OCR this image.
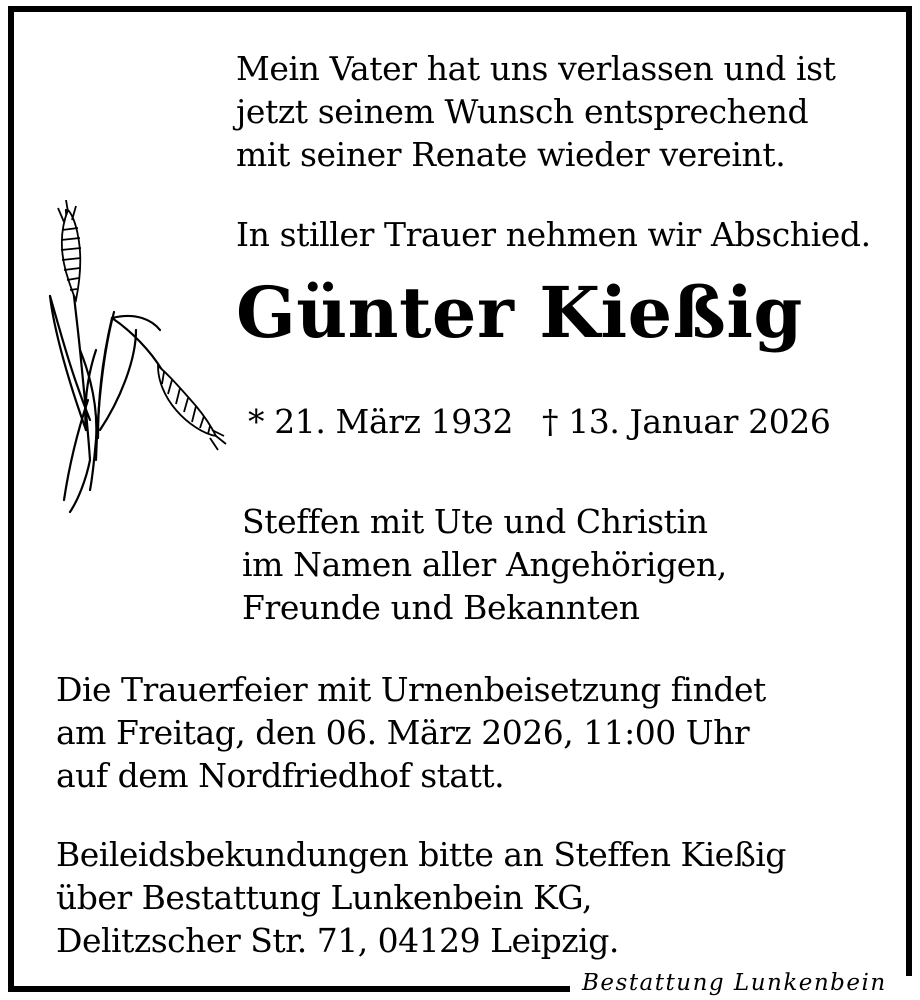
Mein Vater hat uns verlassen und ist

jetzt seinem Wunsch entsprechend

mit seiner Renate wieder vereint.

In stiller Trauer nehmen wir Abschied.

Günter Kießig

* 21. März 1932 † 13. Januar 2026

Steffen mit Ute und Christin

im Namen aller Angehörigen,

Freunde und Bekannten

Die Trauerfeier mit Urnenbeisetzung findet

am Freitag, den 06. März 2026, 11:00 Uhr

auf dem Nordfriedhof statt.

Beileidsbekundungen bitte an Steffen Kießig

über Bestattung Lunkenbein KG,

Delitzscher Str. 71, 04129 Leipzig.

Bestattung Lunkenbein
